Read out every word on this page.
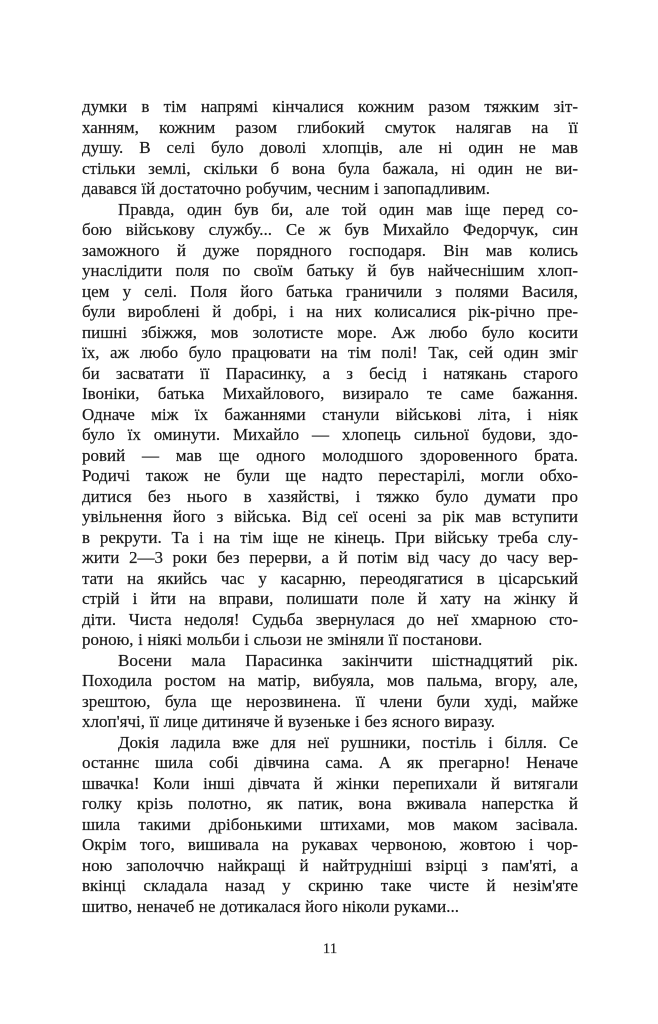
думки в тім напрямі кінчалися кожним разом тяжким зіт-
ханням, кожним разом глибокий смуток налягав на її
душу. В селі було доволі хлопців, але ні один не мав
стільки землі, скільки б вона була бажала, ні один не ви-
давався їй достаточно робучим, чесним і запопадливим.
Правда, один був би, але той один мав іще перед со-
бою військову службу... Се ж був Михайло Федорчук, син
заможного й дуже порядного господаря. Він мав колись
унаслідити поля по своїм батьку й був найчеснішим хлоп-
цем у селі. Поля його батька граничили з полями Василя,
були вироблені й добрі, і на них колисалися рік-річно пре-
пишні збіжжя, мов золотисте море. Аж любо було косити
їх, аж любо було працювати на тім полі! Так, сей один зміг
би засватати її Парасинку, а з бесід і натякань старого
Івоніки, батька Михайлового, визирало те саме бажання.
Одначе між їх бажаннями станули військові літа, і ніяк
було їх оминути. Михайло — хлопець сильної будови, здо-
ровий — мав ще одного молодшого здоровенного брата.
Родичі також не були ще надто перестарілі, могли обхо-
дитися без нього в хазяйстві, і тяжко було думати про
увільнення його з війська. Від сеї осені за рік мав вступити
в рекрути. Та і на тім іще не кінець. При війську треба слу-
жити 2—3 роки без перерви, а й потім від часу до часу вер-
тати на якийсь час у касарню, переодягатися в цісарський
стрій і йти на вправи, полишати поле й хату на жінку й
діти. Чиста недоля! Судьба звернулася до неї хмарною сто-
роною, і ніякі мольби і сльози не зміняли її постанови.
Восени мала Парасинка закінчити шістнадцятий рік.
Походила ростом на матір, вибуяла, мов пальма, вгору, але,
зрештою, була ще нерозвинена. її члени були худі, майже
хлоп'ячі, її лице дитиняче й вузеньке і без ясного виразу.
Докія ладила вже для неї рушники, постіль і білля. Се
останнє шила собі дівчина сама. А як прегарно! Неначе
швачка! Коли інші дівчата й жінки перепихали й витягали
голку крізь полотно, як патик, вона вживала наперстка й
шила такими дрібонькими штихами, мов маком засівала.
Окрім того, вишивала на рукавах червоною, жовтою і чор-
ною заполоччю найкращі й найтрудніші взірці з пам'яті, а
вкінці складала назад у скриню таке чисте й незім'яте
шитво, неначеб не дотикалася його ніколи руками...
11
